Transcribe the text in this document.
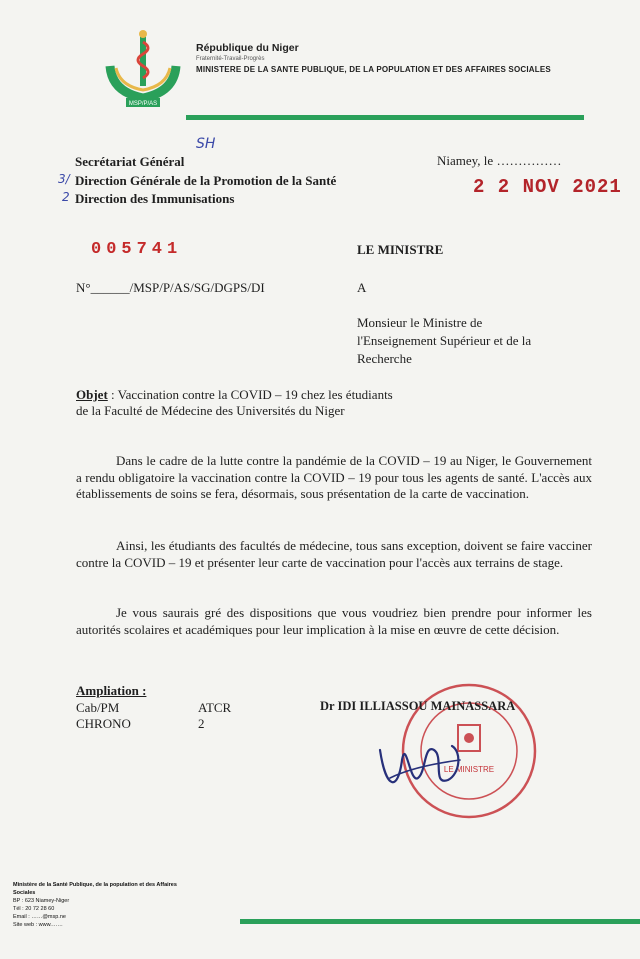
MSP/P/AS
République du Niger
Fraternité-Travail-Progrès
MINISTERE DE LA SANTE PUBLIQUE, DE LA POPULATION ET DES AFFAIRES SOCIALES
Secrétariat Général
Direction Générale de la Promotion de la Santé
Direction des Immunisations
SH
3/
2
Niamey, le ……………
2 2 NOV 2021
005741	LE MINISTRE
N°______/MSP/P/AS/SG/DGPS/DI	A
Monsieur le Ministre de
l'Enseignement Supérieur et de la
Recherche
Objet : Vaccination contre la COVID – 19 chez les étudiants
de la Faculté de Médecine des Universités du Niger
Dans le cadre de la lutte contre la pandémie de la COVID – 19 au Niger, le Gouvernement a rendu obligatoire la vaccination contre la COVID – 19 pour tous les agents de santé. L'accès aux établissements de soins se fera, désormais, sous présentation de la carte de vaccination.
Ainsi, les étudiants des facultés de médecine, tous sans exception, doivent se faire vacciner contre la COVID – 19 et présenter leur carte de vaccination pour l'accès aux terrains de stage.
Je vous saurais gré des dispositions que vous voudriez bien prendre pour informer les autorités scolaires et académiques pour leur implication à la mise en œuvre de cette décision.
Ampliation :
Cab/PM	ATCR
CHRONO	2
LE MINISTRE
Dr IDI ILLIASSOU MAINASSARA
Ministère de la Santé Publique, de la population et des Affaires
Sociales
BP : 623 Niamey-Niger
Tél : 20 72 28 60
Email : ……@msp.ne
Site web : www.……
